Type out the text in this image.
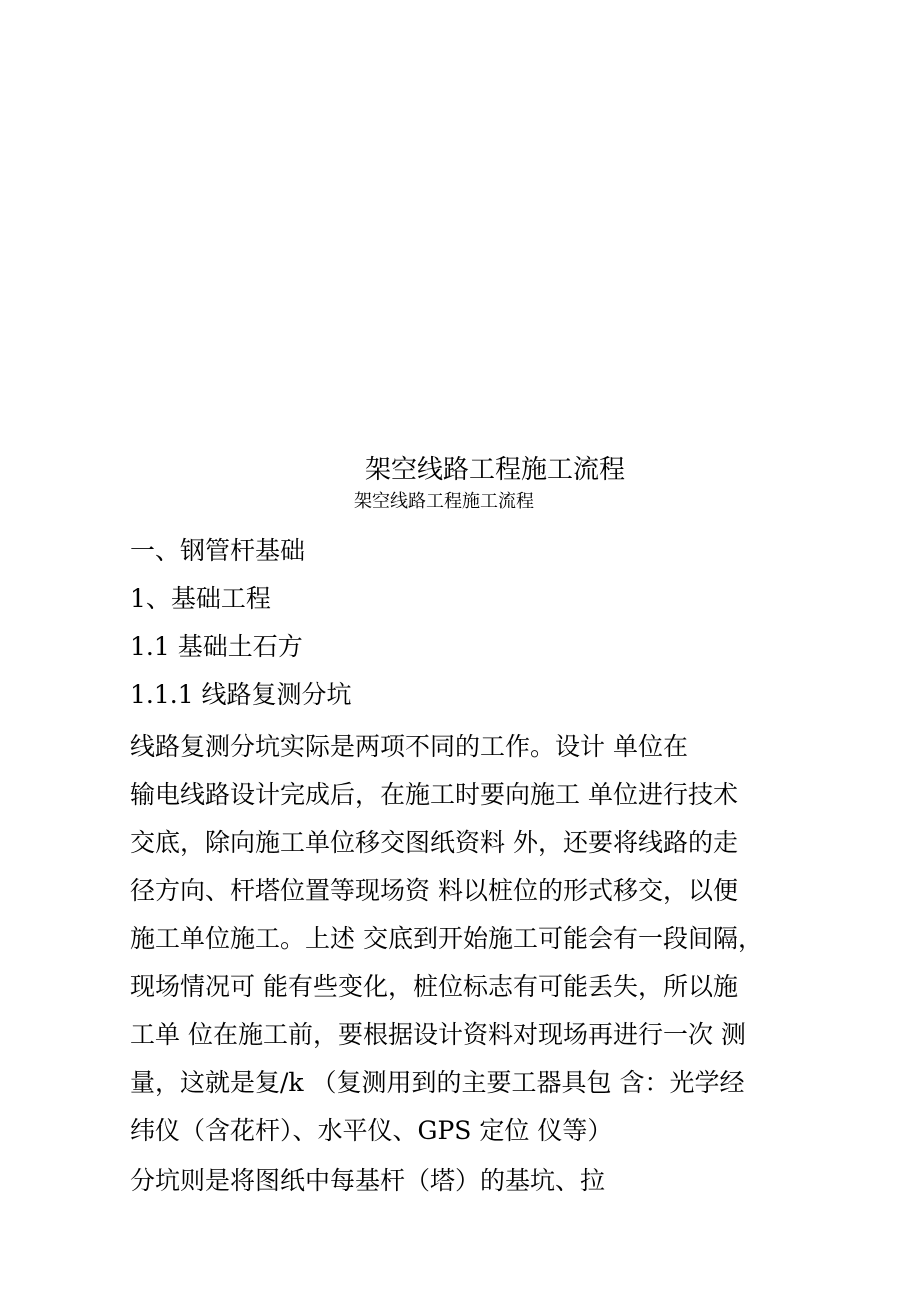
架空线路工程施工流程
架空线路工程施工流程
一、钢管杆基础
1、基础工程
1.1 基础土石方
1.1.1 线路复测分坑
线路复测分坑实际是两项不同的工作。设计 单位在
输电线路设计完成后，在施工时要向施工 单位进行技术
交底，除向施工单位移交图纸资料 外，还要将线路的走
径方向、杆塔位置等现场资 料以桩位的形式移交，以便
施工单位施工。上述 交底到开始施工可能会有一段间隔，
现场情况可 能有些变化，桩位标志有可能丢失，所以施
工单 位在施工前，要根据设计资料对现场再进行一次 测
量，这就是复/k （复测用到的主要工器具包 含：光学经
纬仪（含花杆）、水平仪、GPS 定位 仪等）
分坑则是将图纸中每基杆（塔）的基坑、拉
